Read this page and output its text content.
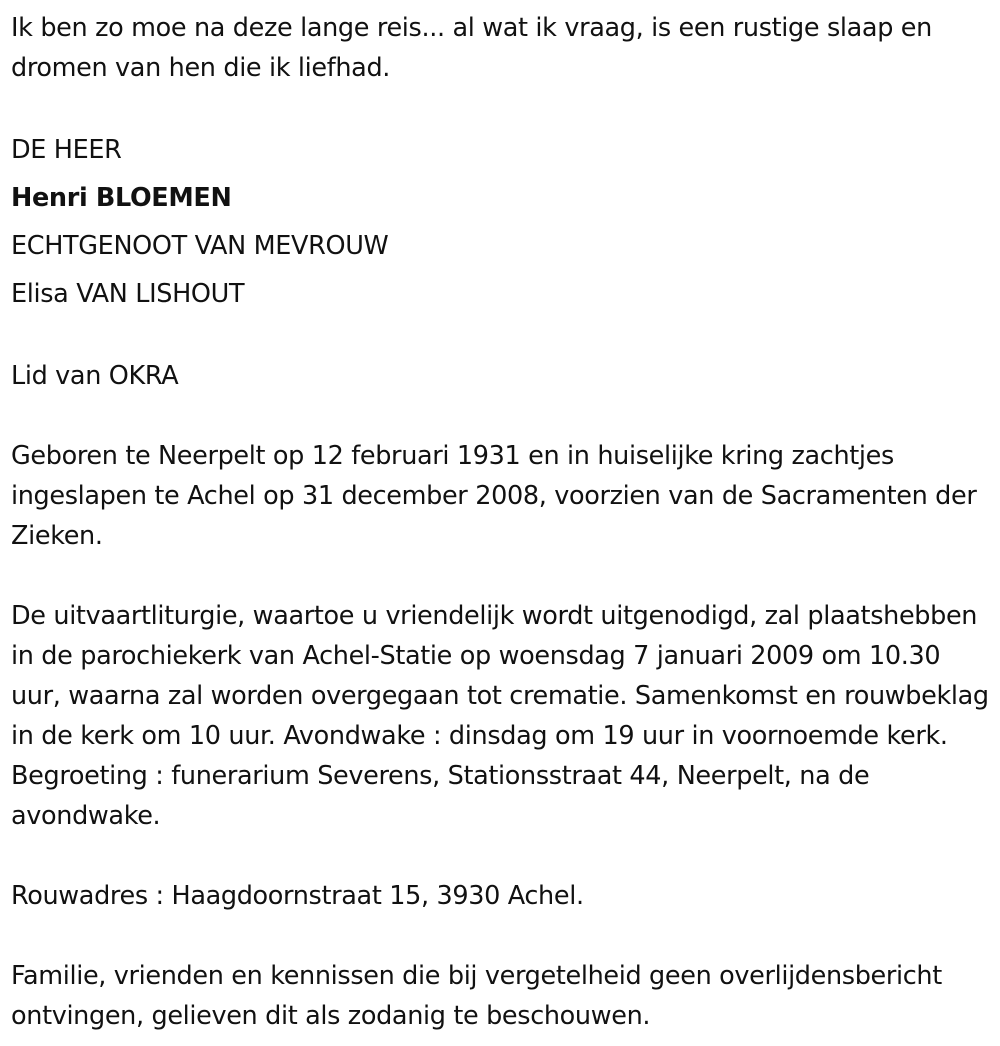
Ik ben zo moe na deze lange reis... al wat ik vraag, is een rustige slaap en dromen van hen die ik liefhad.

DE HEER

Henri BLOEMEN

ECHTGENOOT VAN MEVROUW

Elisa VAN LISHOUT

Lid van OKRA

Geboren te Neerpelt op 12 februari 1931 en in huiselijke kring zachtjes ingeslapen te Achel op 31 december 2008, voorzien van de Sacramenten der Zieken.

De uitvaartliturgie, waartoe u vriendelijk wordt uitgenodigd, zal plaatshebben in de parochiekerk van Achel-Statie op woensdag 7 januari 2009 om 10.30 uur, waarna zal worden overgegaan tot crematie. Samenkomst en rouwbeklag in de kerk om 10 uur. Avondwake : dinsdag om 19 uur in voornoemde kerk. Begroeting : funerarium Severens, Stationsstraat 44, Neerpelt, na de avondwake.

Rouwadres : Haagdoornstraat 15, 3930 Achel.

Familie, vrienden en kennissen die bij vergetelheid geen overlijdensbericht ontvingen, gelieven dit als zodanig te beschouwen.
